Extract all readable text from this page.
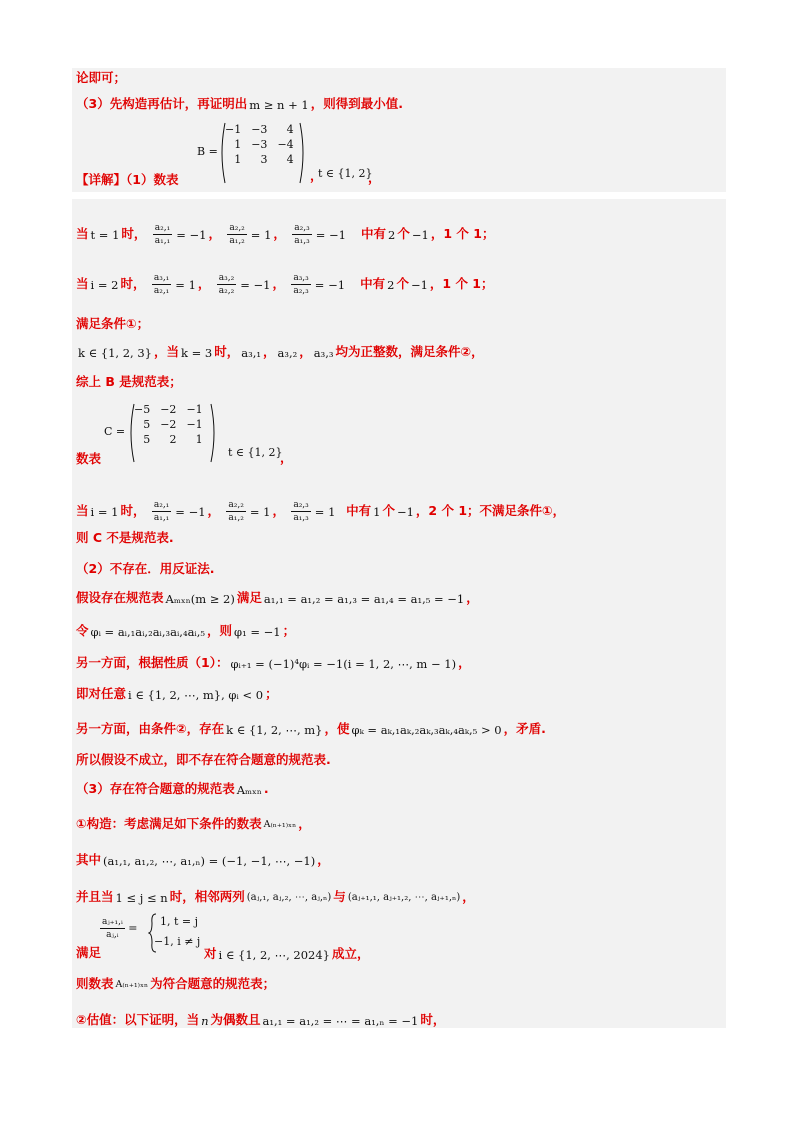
论即可；
（3）先构造再估计，再证明出 m ≥ n + 1 ，则得到最小值.
B =
−1	−3	4
1	−3	−4
1	3	4
【详解】（1）数表	，
t ∈ {1, 2}
，
当 t = 1 时， $\frac{\text{a₂,₁}}{\text{a₁,₁}} = -1$ ， $\frac{\text{a₂,₂}}{\text{a₁,₂}} = 1$ ， $\frac{\text{a₂,₃}}{\text{a₁,₃}} = -1$ 中有 2 个 −1 ，1 个 1；
当 i = 2 时， $\frac{\text{a₃,₁}}{\text{a₂,₁}} = 1$ ， $\frac{\text{a₃,₂}}{\text{a₂,₂}} = -1$ ， $\frac{\text{a₃,₃}}{\text{a₂,₃}} = -1$ 中有 2 个 −1 ，1 个 1；
满足条件①；
k ∈ {1, 2, 3} ，当 k = 3 时， a₃,₁ ， a₃,₂ ， a₃,₃ 均为正整数，满足条件②，
综上 B 是规范表；
C =
−5	−2	−1
5	−2	−1
5	2	1
数表	t ∈ {1, 2}
，
当 i = 1 时， $\frac{\text{a₂,₁}}{\text{a₁,₁}} = -1$ ， $\frac{\text{a₂,₂}}{\text{a₁,₂}} = 1$ ， $\frac{\text{a₂,₃}}{\text{a₁,₃}} = 1$ 中有 1 个 −1 ，2 个 1；不满足条件①，
则 C 不是规范表.
（2）不存在．用反证法.
假设存在规范表 Aₘₓₙ(m ≥ 2) 满足 a₁,₁ = a₁,₂ = a₁,₃ = a₁,₄ = a₁,₅ = −1 ，
令 φᵢ = aᵢ,₁aᵢ,₂aᵢ,₃aᵢ,₄aᵢ,₅ ，则 φ₁ = −1 ；
另一方面，根据性质（1）： φᵢ₊₁ = (−1)⁴φᵢ = −1(i = 1, 2, ⋯, m − 1) ，
即对任意 i ∈ {1, 2, ⋯, m}, φᵢ < 0 ；
另一方面，由条件②，存在 k ∈ {1, 2, ⋯, m} ，使 φₖ = aₖ,₁aₖ,₂aₖ,₃aₖ,₄aₖ,₅ > 0 ，矛盾.
所以假设不成立，即不存在符合题意的规范表.
（3）存在符合题意的规范表 Aₘₓₙ .
①构造：考虑满足如下条件的数表 A₍ₙ₊₁₎ₓₙ ，
其中 (a₁,₁, a₁,₂, ⋯, a₁,ₙ) = (−1, −1, ⋯, −1) ，
并且当 1 ≤ j ≤ n 时，相邻两列 (aⱼ,₁, aⱼ,₂, ⋯, aⱼ,ₙ) 与 (aⱼ₊₁,₁, aⱼ₊₁,₂, ⋯, aⱼ₊₁,ₙ) ，
满足
$\frac{\text{aⱼ₊₁,ᵢ}}{\text{aⱼ,ᵢ}} = 1$, t = j
−1, i ≠ j
对 i ∈ {1, 2, ⋯, 2024} 成立，
则数表 A₍ₙ₊₁₎ₓₙ 为符合题意的规范表；
②估值：以下证明，当 n 为偶数且 a₁,₁ = a₁,₂ = ⋯ = a₁,ₙ = −1 时，
